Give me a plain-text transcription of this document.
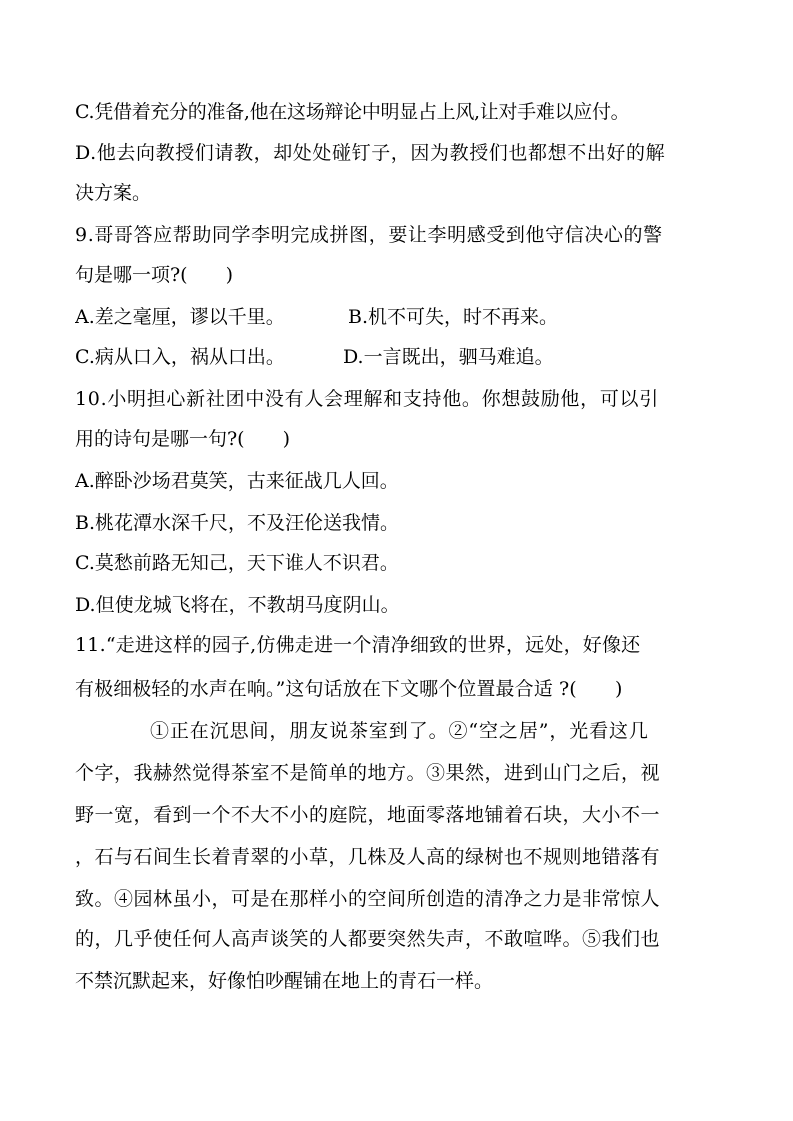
C.凭借着充分的准备,他在这场辩论中明显占上风,让对手难以应付。
D.他去向教授们请教，却处处碰钉子，因为教授们也都想不出好的解
决方案。
9.哥哥答应帮助同学李明完成拼图，要让李明感受到他守信决心的警
句是哪一项?(　　)
A.差之毫厘，谬以千里。	B.机不可失，时不再来。
C.病从口入，祸从口出。	D.一言既出，驷马难追。
10.小明担心新社团中没有人会理解和支持他。你想鼓励他，可以引
用的诗句是哪一句?(　　)
A.醉卧沙场君莫笑，古来征战几人回。
B.桃花潭水深千尺，不及汪伦送我情。
C.莫愁前路无知己，天下谁人不识君。
D.但使龙城飞将在，不教胡马度阴山。
11.“走进这样的园子,仿佛走进一个清净细致的世界，远处，好像还
有极细极轻的水声在响。”这句话放在下文哪个位置最合适 ?(　　)
①正在沉思间，朋友说茶室到了。②“空之居”，光看这几
个字，我赫然觉得茶室不是简单的地方。③果然，进到山门之后，视
野一宽，看到一个不大不小的庭院，地面零落地铺着石块，大小不一
，石与石间生长着青翠的小草，几株及人高的绿树也不规则地错落有
致。④园林虽小，可是在那样小的空间所创造的清净之力是非常惊人
的，几乎使任何人高声谈笑的人都要突然失声，不敢喧哗。⑤我们也
不禁沉默起来，好像怕吵醒铺在地上的青石一样。
